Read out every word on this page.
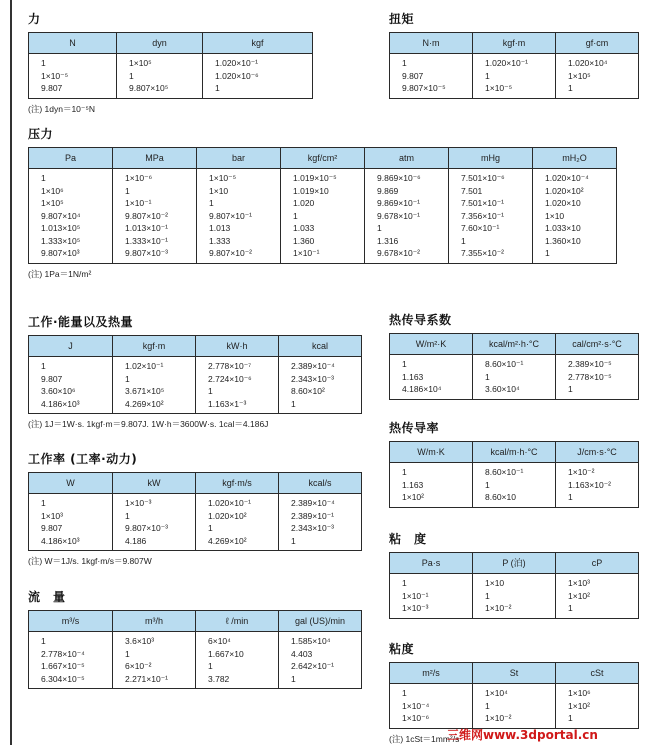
力
N	dyn	kgf
1	1×10⁵	1.020×10⁻¹
1×10⁻⁵	1	1.020×10⁻⁶
9.807	9.807×10⁵	1
(注) 1dyn＝10⁻⁵N
扭矩
N·m	kgf·m	gf·cm
1	1.020×10⁻¹	1.020×10⁴
9.807	1	1×10⁵
9.807×10⁻⁵	1×10⁻⁵	1
压力
Pa	MPa	bar	kgf/cm²	atm	mHg	mH₂O
1	1×10⁻⁶	1×10⁻⁵	1.019×10⁻⁵	9.869×10⁻⁶	7.501×10⁻⁶	1.020×10⁻⁴
1×10⁶	1	1×10	1.019×10	9.869	7.501	1.020×10²
1×10⁵	1×10⁻¹	1	1.020	9.869×10⁻¹	7.501×10⁻¹	1.020×10
9.807×10⁴	9.807×10⁻²	9.807×10⁻¹	1	9.678×10⁻¹	7.356×10⁻¹	1×10
1.013×10⁵	1.013×10⁻¹	1.013	1.033	1	7.60×10⁻¹	1.033×10
1.333×10⁵	1.333×10⁻¹	1.333	1.360	1.316	1	1.360×10
9.807×10³	9.807×10⁻³	9.807×10⁻²	1×10⁻¹	9.678×10⁻²	7.355×10⁻²	1
(注) 1Pa＝1N/m²
工作·能量以及热量
J	kgf·m	kW·h	kcal
1	1.02×10⁻¹	2.778×10⁻⁷	2.389×10⁻⁴
9.807	1	2.724×10⁻⁶	2.343×10⁻³
3.60×10⁶	3.671×10⁵	1	8.60×10²
4.186×10³	4.269×10²	1.163×1⁻³	1
(注) 1J＝1W·s. 1kgf·m＝9.807J. 1W·h＝3600W·s. 1cal＝4.186J
工作率 (工率·动力)
W	kW	kgf·m/s	kcal/s
1	1×10⁻³	1.020×10⁻¹	2.389×10⁻⁴
1×10³	1	1.020×10²	2.389×10⁻¹
9.807	9.807×10⁻³	1	2.343×10⁻³
4.186×10³	4.186	4.269×10²	1
(注) W＝1J/s. 1kgf·m/s＝9.807W
流　量
m³/s	m³/h	ℓ /min	gal (US)/min
1	3.6×10³	6×10⁴	1.585×10⁴
2.778×10⁻⁴	1	1.667×10	4.403
1.667×10⁻⁵	6×10⁻²	1	2.642×10⁻¹
6.304×10⁻⁵	2.271×10⁻¹	3.782	1
热传导系数
W/m²·K	kcal/m²·h·°C	cal/cm²·s·°C
1	8.60×10⁻¹	2.389×10⁻⁵
1.163	1	2.778×10⁻⁵
4.186×10⁴	3.60×10⁴	1
热传导率
W/m·K	kcal/m·h·°C	J/cm·s·°C
1	8.60×10⁻¹	1×10⁻²
1.163	1	1.163×10⁻²
1×10²	8.60×10	1
粘　度
Pa·s	P (泊)	cP
1	1×10	1×10³
1×10⁻¹	1	1×10²
1×10⁻³	1×10⁻²	1
粘度
m²/s	St	cSt
1	1×10⁴	1×10⁶
1×10⁻⁴	1	1×10²
1×10⁻⁶	1×10⁻²	1
(注) 1cSt＝1mm²/s
三维网www.3dportal.cn
